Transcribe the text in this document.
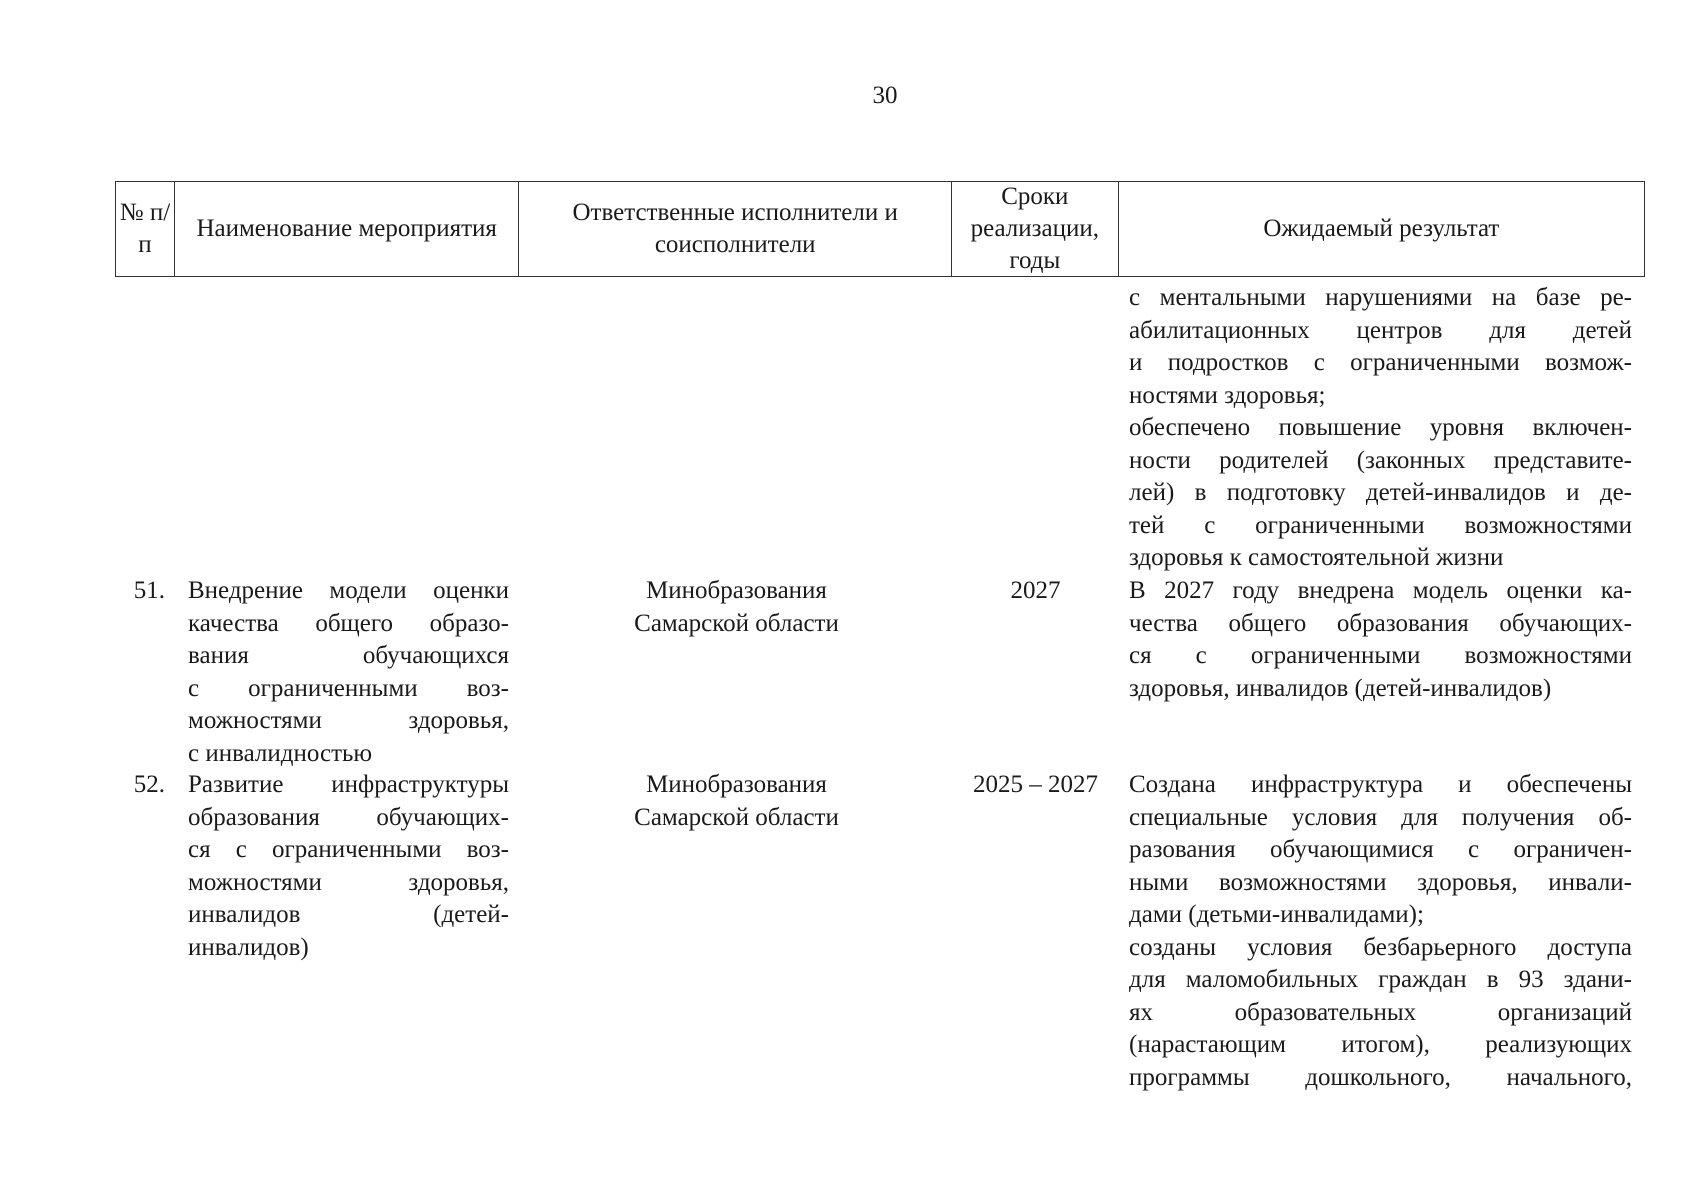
30
№ п/п
Наименование мероприятия
Ответственные исполнители и соисполнители
Сроки реализации, годы
Ожидаемый результат
с ментальными нарушениями на базе ре-
абилитационных центров для детей
и подростков с ограниченными возмож-
ностями здоровья;
обеспечено повышение уровня включен-
ности родителей (законных представите-
лей) в подготовку детей-инвалидов и де-
тей с ограниченными возможностями
здоровья к самостоятельной жизни
51. Внедрение модели оценки
качества общего образо-
вания обучающихся
с ограниченными воз-
можностями здоровья,
с инвалидностью
Минобразования
Самарской области
2027	В 2027 году внедрена модель оценки ка-
чества общего образования обучающих-
ся с ограниченными возможностями
здоровья, инвалидов (детей-инвалидов)
52. Развитие инфраструктуры
образования обучающих-
ся с ограниченными воз-
можностями здоровья,
инвалидов (детей-
инвалидов)
Минобразования
Самарской области
2025 – 2027	Создана инфраструктура и обеспечены
специальные условия для получения об-
разования обучающимися с ограничен-
ными возможностями здоровья, инвали-
дами (детьми-инвалидами);
созданы условия безбарьерного доступа
для маломобильных граждан в 93 здани-
ях образовательных организаций
(нарастающим итогом), реализующих
программы дошкольного, начального,
